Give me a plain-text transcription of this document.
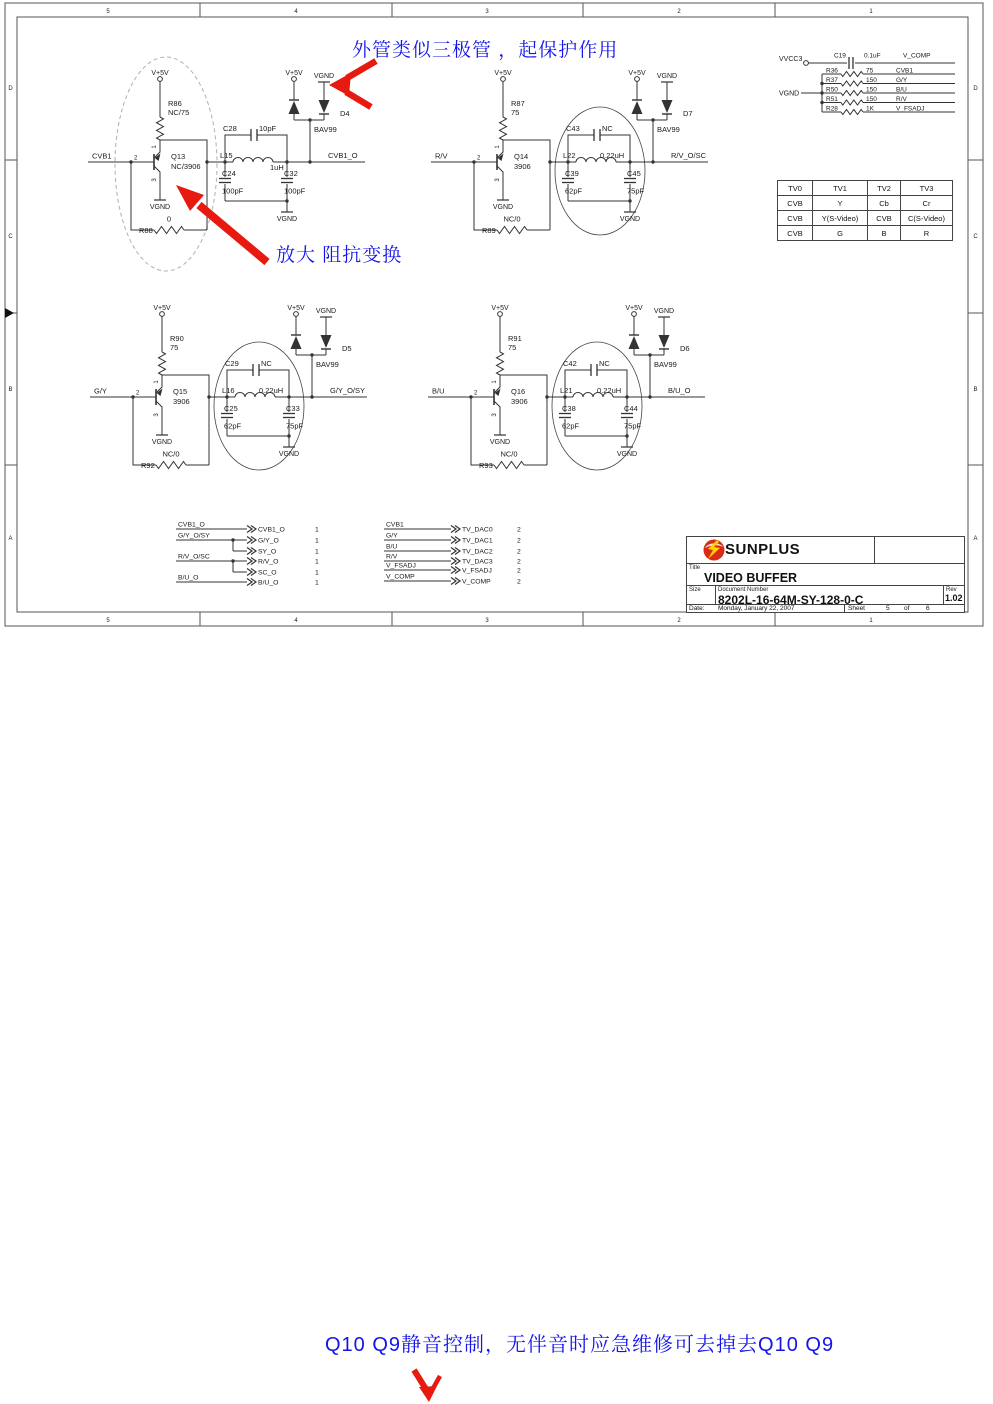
5
5
4
4
3
3
2
2
1
1
D	D
C	C
B	B
A	A
V+5V
R86
NC/75
VGND
CVB1
1
2
3
Q13
NC/3906
R88
0
C28	10pF
L15
1uH
C24
100pF
C32
100pF
VGND
CVB1_O
V+5V VGND
D4
BAV99
V+5V
R87
75
VGND
R/V
1
2
3
Q14
3906
R89
NC/0
C43	NC
L22	0.22uH
C39
62pF
C45
75pF
VGND
R/V_O/SC
V+5V VGND
D7
BAV99
V+5V
R90
75
VGND
G/Y
1
2
3
Q15
3906
R92
NC/0
C29	NC
L16	0.22uH
C25
62pF
C33
75pF
VGND
G/Y_O/SY
V+5V VGND
D5
BAV99
V+5V
R91
75
VGND
B/U
1
2
3
Q16
3906
R93
NC/0
C42	NC
L21	0.22uH
C38
62pF
C44
75pF
VGND
B/U_O
V+5V VGND
D6
BAV99
VVCC3	C19	0.1uF	V_COMP
VGND
R36	75	CVB1
R37	150	G/Y
R50	150	B/U
R51	150	R/V
R28	1K	V_FSADJ
CVB1_O
CVB1_O	1
G/Y_O/SY
G/Y_O	1
SY_O	1
R/V_O/SC
R/V_O	1
SC_O	1
B/U_O
B/U_O	1
CVB1
TV_DAC0	2
G/Y
TV_DAC1	2
B/U
TV_DAC2	2
R/V
TV_DAC3	2
V_FSADJ
V_FSADJ	2
V_COMP
V_COMP	2
外管类似三极管 ，起保护作用
放大 阻抗变换
Q10 Q9静音控制，无伴音时应急维修可去掉去Q10 Q9
TV0	TV1	TV2	TV3
CVB	Y	Cb	Cr
CVB	Y(S-Video)	CVB	C(S-Video)
CVB	G	B	R
SUNPLUS
Title
VIDEO BUFFER
Size	Document Number
8202L-16-64M-SY-128-0-C
Rev
1.02
Date: Monday, January 22, 2007	Sheet	5 of	6
